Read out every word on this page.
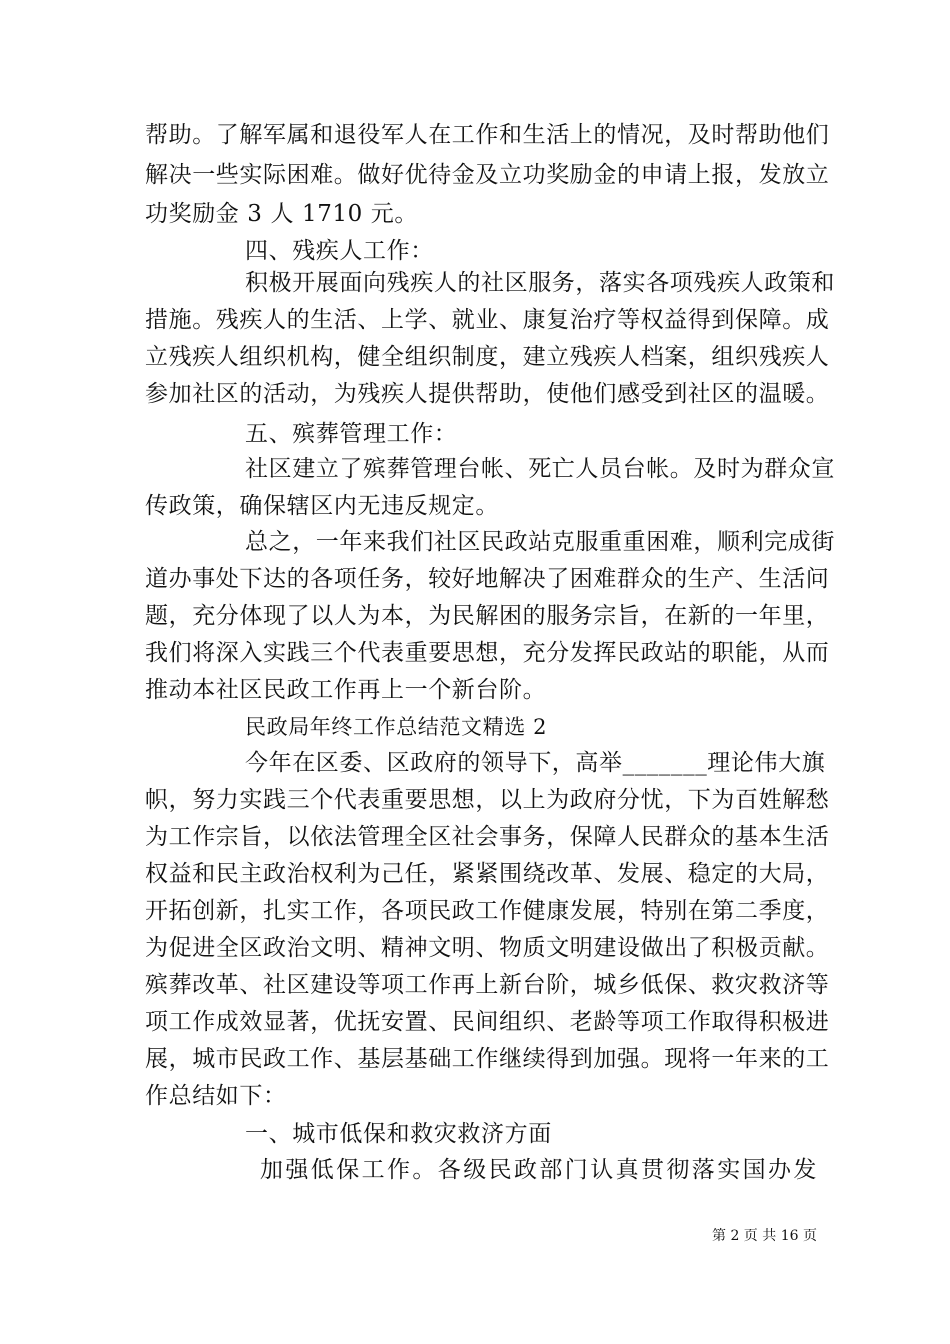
帮助。了解军属和退役军人在工作和生活上的情况，及时帮助他们
解决一些实际困难。做好优待金及立功奖励金的申请上报，发放立
功奖励金 3 人 1710 元。
四、残疾人工作：
积极开展面向残疾人的社区服务，落实各项残疾人政策和
措施。残疾人的生活、上学、就业、康复治疗等权益得到保障。成
立残疾人组织机构，健全组织制度，建立残疾人档案，组织残疾人
参加社区的活动，为残疾人提供帮助，使他们感受到社区的温暖。
五、殡葬管理工作：
社区建立了殡葬管理台帐、死亡人员台帐。及时为群众宣
传政策，确保辖区内无违反规定。
总之，一年来我们社区民政站克服重重困难，顺利完成街
道办事处下达的各项任务，较好地解决了困难群众的生产、生活问
题，充分体现了以人为本，为民解困的服务宗旨，在新的一年里，
我们将深入实践三个代表重要思想，充分发挥民政站的职能，从而
推动本社区民政工作再上一个新台阶。
民政局年终工作总结范文精选 2
今年在区委、区政府的领导下，高举_______理论伟大旗
帜，努力实践三个代表重要思想，以上为政府分忧，下为百姓解愁
为工作宗旨，以依法管理全区社会事务，保障人民群众的基本生活
权益和民主政治权利为己任，紧紧围绕改革、发展、稳定的大局，
开拓创新，扎实工作，各项民政工作健康发展，特别在第二季度，
为促进全区政治文明、精神文明、物质文明建设做出了积极贡献。
殡葬改革、社区建设等项工作再上新台阶，城乡低保、救灾救济等
项工作成效显著，优抚安置、民间组织、老龄等项工作取得积极进
展，城市民政工作、基层基础工作继续得到加强。现将一年来的工
作总结如下：
一、城市低保和救灾救济方面
加强低保工作。各级民政部门认真贯彻落实国办发
第 2 页 共 16 页
